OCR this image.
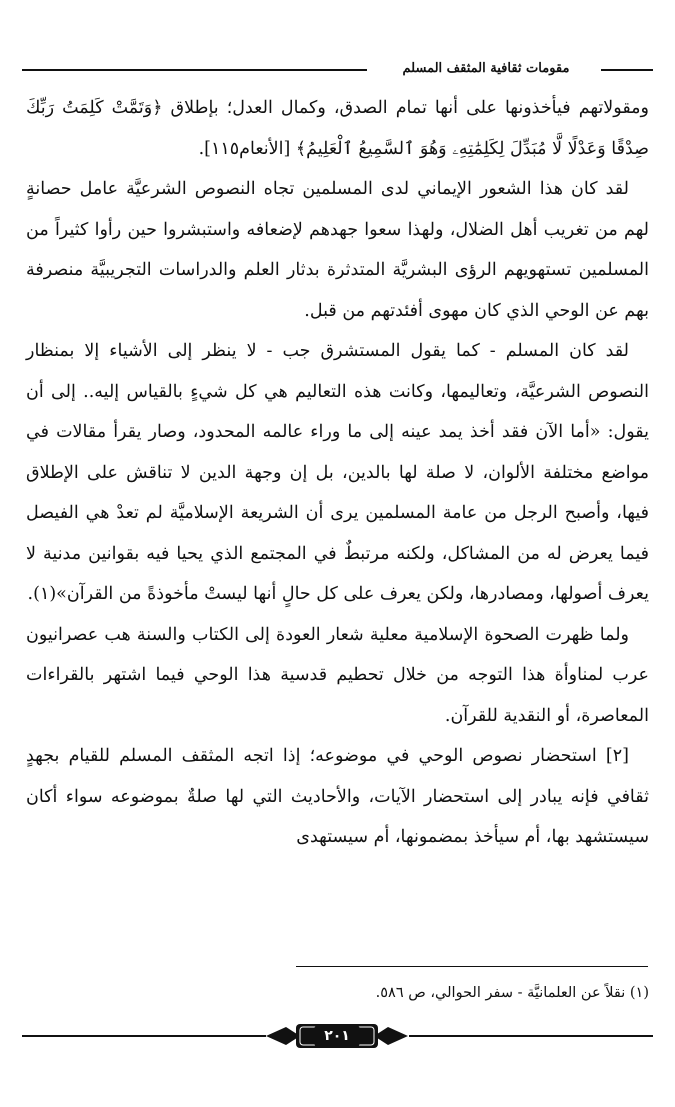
مقومات ثقافية المثقف المسلم

ومقولاتهم فيأخذونها على أنها تمام الصدق، وكمال العدل؛ بإطلاق ﴿وَتَمَّتْ كَلِمَتُ رَبِّكَ صِدْقًا وَعَدْلًا لَّا مُبَدِّلَ لِكَلِمَٰتِهِۦ وَهُوَ ٱلسَّمِيعُ ٱلْعَلِيمُ﴾ [الأنعام١١٥].

لقد كان هذا الشعور الإيماني لدى المسلمين تجاه النصوص الشرعيَّة عامل حصانةٍ لهم من تغريب أهل الضلال، ولهذا سعوا جهدهم لإضعافه واستبشروا حين رأوا كثيراً من المسلمين تستهويهم الرؤى البشريَّة المتدثرة بدثار العلم والدراسات التجريبيَّة منصرفة بهم عن الوحي الذي كان مهوى أفئدتهم من قبل.

لقد كان المسلم - كما يقول المستشرق جب - لا ينظر إلى الأشياء إلا بمنظار النصوص الشرعيَّة، وتعاليمها، وكانت هذه التعاليم هي كل شيءٍ بالقياس إليه.. إلى أن يقول: «أما الآن فقد أخذ يمد عينه إلى ما وراء عالمه المحدود، وصار يقرأ مقالات في مواضع مختلفة الألوان، لا صلة لها بالدين، بل إن وجهة الدين لا تناقش على الإطلاق فيها، وأصبح الرجل من عامة المسلمين يرى أن الشريعة الإسلاميَّة لم تعدْ هي الفيصل فيما يعرض له من المشاكل، ولكنه مرتبطٌ في المجتمع الذي يحيا فيه بقوانين مدنية لا يعرف أصولها، ومصادرها، ولكن يعرف على كل حالٍ أنها ليستْ مأخوذةً من القرآن»(١).

ولما ظهرت الصحوة الإسلامية معلية شعار العودة إلى الكتاب والسنة هب عصرانيون عرب لمناوأة هذا التوجه من خلال تحطيم قدسية هذا الوحي فيما اشتهر بالقراءات المعاصرة، أو النقدية للقرآن.

[٢] استحضار نصوص الوحي في موضوعه؛ إذا اتجه المثقف المسلم للقيام بجهدٍ ثقافي فإنه يبادر إلى استحضار الآيات، والأحاديث التي لها صلةٌ بموضوعه سواء أكان سيستشهد بها، أم سيأخذ بمضمونها، أم سيستهدى

(١) نقلاً عن العلمانيَّة - سفر الحوالي، ص ٥٨٦.
٢٠١
